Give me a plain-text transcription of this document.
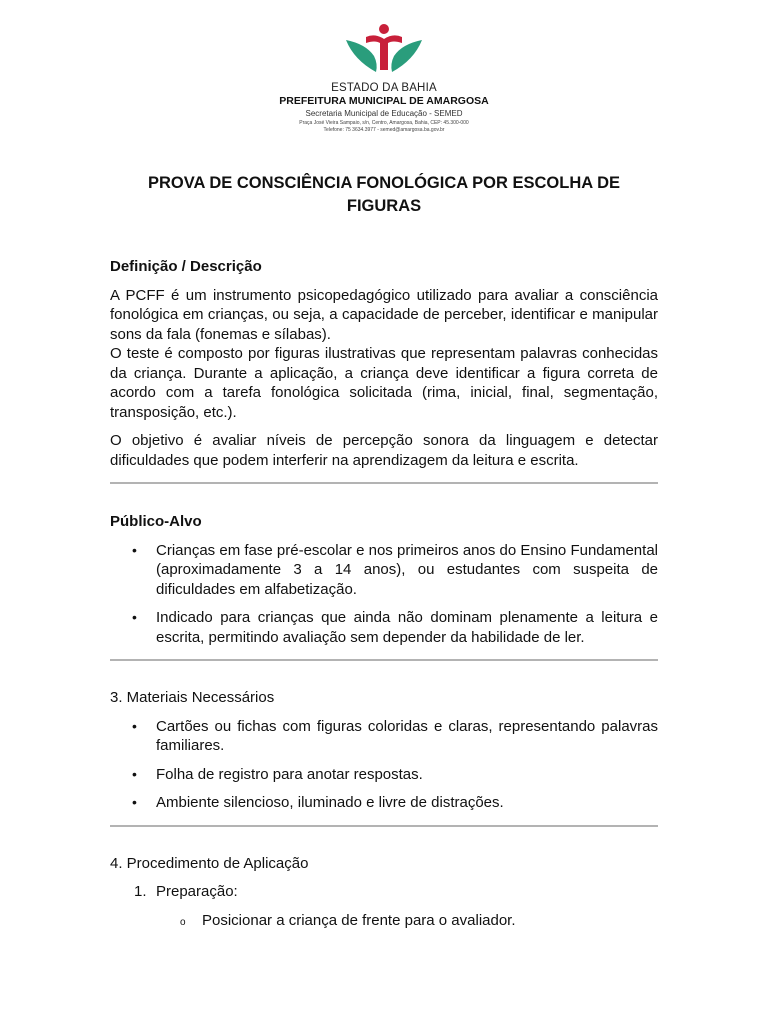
ESTADO DA BAHIA
PREFEITURA MUNICIPAL DE AMARGOSA
Secretaria Municipal de Educação - SEMED
Praça José Vieira Sampaio, s/n, Centro, Amargosa, Bahia, CEP: 45.300-000
Telefone: 75 3634.3977 - semed@amargosa.ba.gov.br
PROVA DE CONSCIÊNCIA FONOLÓGICA POR ESCOLHA DE FIGURAS
Definição / Descrição

A PCFF é um instrumento psicopedagógico utilizado para avaliar a consciência fonológica em crianças, ou seja, a capacidade de perceber, identificar e manipular sons da fala (fonemas e sílabas).

O teste é composto por figuras ilustrativas que representam palavras conhecidas da criança. Durante a aplicação, a criança deve identificar a figura correta de acordo com a tarefa fonológica solicitada (rima, inicial, final, segmentação, transposição, etc.).

O objetivo é avaliar níveis de percepção sonora da linguagem e detectar dificuldades que podem interferir na aprendizagem da leitura e escrita.

Público-Alvo
• Crianças em fase pré-escolar e nos primeiros anos do Ensino Fundamental (aproximadamente 3 a 14 anos), ou estudantes com suspeita de dificuldades em alfabetização.
• Indicado para crianças que ainda não dominam plenamente a leitura e escrita, permitindo avaliação sem depender da habilidade de ler.
3. Materiais Necessários
• Cartões ou fichas com figuras coloridas e claras, representando palavras familiares.
• Folha de registro para anotar respostas.
• Ambiente silencioso, iluminado e livre de distrações.
4. Procedimento de Aplicação
1. Preparação:
o Posicionar a criança de frente para o avaliador.
